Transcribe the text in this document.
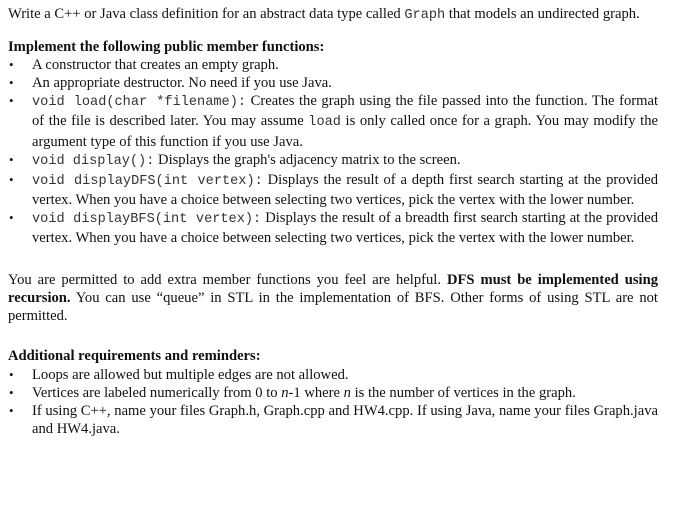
Write a C++ or Java class definition for an abstract data type called Graph that models an undirected graph.

Implement the following public member functions:

• A constructor that creates an empty graph.
• An appropriate destructor. No need if you use Java.
• void load(char *filename): Creates the graph using the file passed into the function. The format of the file is described later. You may assume load is only called once for a graph. You may modify the argument type of this function if you use Java.
• void display(): Displays the graph's adjacency matrix to the screen.
• void displayDFS(int vertex): Displays the result of a depth first search starting at the provided vertex. When you have a choice between selecting two vertices, pick the vertex with the lower number.
• void displayBFS(int vertex): Displays the result of a breadth first search starting at the provided vertex. When you have a choice between selecting two vertices, pick the vertex with the lower number.

You are permitted to add extra member functions you feel are helpful. DFS must be implemented using recursion. You can use “queue” in STL in the implementation of BFS. Other forms of using STL are not permitted.

Additional requirements and reminders:

• Loops are allowed but multiple edges are not allowed.
• Vertices are labeled numerically from 0 to n-1 where n is the number of vertices in the graph.
• If using C++, name your files Graph.h, Graph.cpp and HW4.cpp. If using Java, name your files Graph.java and HW4.java.
